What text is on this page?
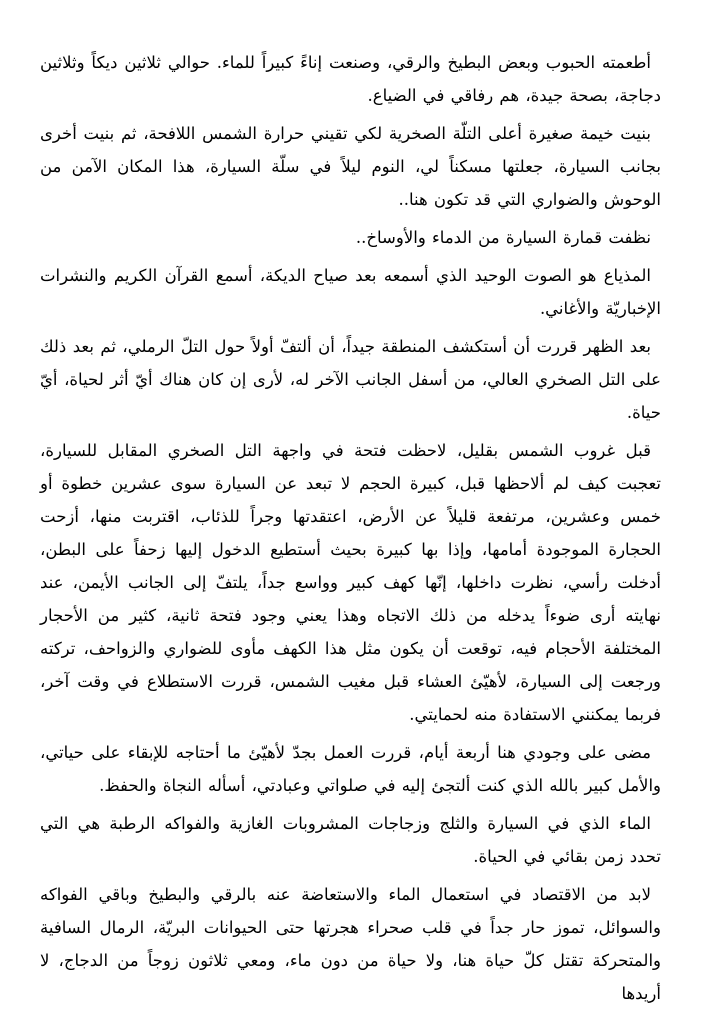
أطعمته الحبوب وبعض البطيخ والرقي، وصنعت إناءً كبيراً للماء. حوالي ثلاثين ديكاً وثلاثين دجاجة، بصحة جيدة، هم رفاقي في الضياع.

بنيت خيمة صغيرة أعلى التلّة الصخرية لكي تقيني حرارة الشمس اللافحة، ثم بنيت أخرى بجانب السيارة، جعلتها مسكناً لي، النوم ليلاً في سلّة السيارة، هذا المكان الآمن من الوحوش والضواري التي قد تكون هنا..

نظفت قمارة السيارة من الدماء والأوساخ..

المذياع هو الصوت الوحيد الذي أسمعه بعد صياح الديكة، أسمع القرآن الكريم والنشرات الإخباريّة والأغاني.

بعد الظهر قررت أن أستكشف المنطقة جيداً، أن ألتفّ أولاً حول التلّ الرملي، ثم بعد ذلك على التل الصخري العالي، من أسفل الجانب الآخر له، لأرى إن كان هناك أيّ أثر لحياة، أيّ حياة.

قبل غروب الشمس بقليل، لاحظت فتحة في واجهة التل الصخري المقابل للسيارة، تعجبت كيف لم ألاحظها قبل، كبيرة الحجم لا تبعد عن السيارة سوى عشرين خطوة أو خمس وعشرين، مرتفعة قليلاً عن الأرض، اعتقدتها وجراً للذئاب، اقتربت منها، أزحت الحجارة الموجودة أمامها، وإذا بها كبيرة بحيث أستطيع الدخول إليها زحفاً على البطن، أدخلت رأسي، نظرت داخلها، إنّها كهف كبير وواسع جداً، يلتفّ إلى الجانب الأيمن، عند نهايته أرى ضوءاً يدخله من ذلك الاتجاه وهذا يعني وجود فتحة ثانية، كثير من الأحجار المختلفة الأحجام فيه، توقعت أن يكون مثل هذا الكهف مأوى للضواري والزواحف، تركته ورجعت إلى السيارة، لأهيّئ العشاء قبل مغيب الشمس، قررت الاستطلاع في وقت آخر، فربما يمكنني الاستفادة منه لحمايتي.

مضى على وجودي هنا أربعة أيام، قررت العمل بجدّ لأهيّئ ما أحتاجه للإبقاء على حياتي، والأمل كبير بالله الذي كنت ألتجئ إليه في صلواتي وعبادتي، أسأله النجاة والحفظ.

الماء الذي في السيارة والثلج وزجاجات المشروبات الغازية والفواكه الرطبة هي التي تحدد زمن بقائي في الحياة.

لابد من الاقتصاد في استعمال الماء والاستعاضة عنه بالرقي والبطيخ وباقي الفواكه والسوائل، تموز حار جداً في قلب صحراء هجرتها حتى الحيوانات البريّة، الرمال السافية والمتحركة تقتل كلّ حياة هنا، ولا حياة من دون ماء، ومعي ثلاثون زوجاً من الدجاج، لا أريدها
